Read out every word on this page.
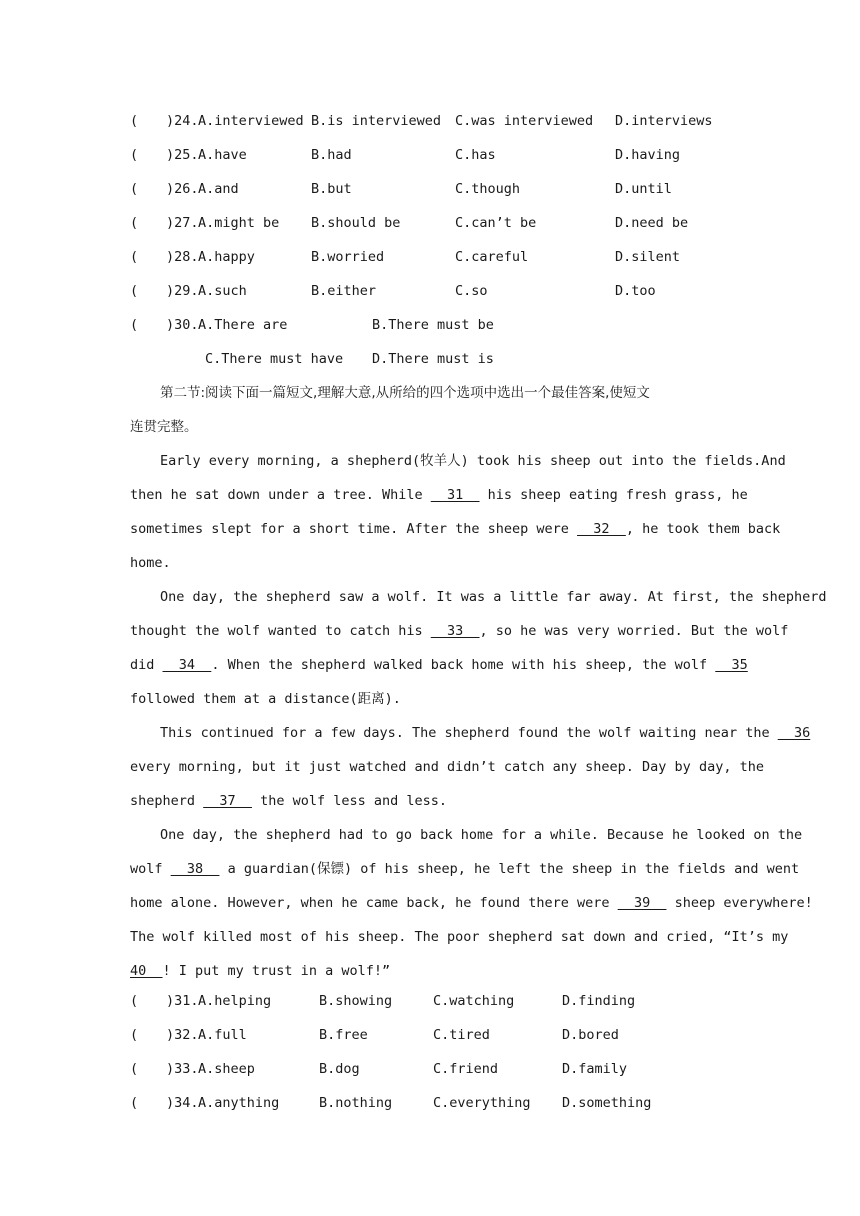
( )24. A.interviewed B.is interviewed C.was interviewed D.interviews
( )25. A.have	B.had	C.has	D.having
( )26. A.and	B.but	C.though	D.until
( )27. A.might be B.should be	C.can’t be	D.need be
( )28. A.happy	B.worried	C.careful	D.silent
( )29. A.such	B.either	C.so	D.too
( )30. A.There are	B.There must be
C.There must have D.There must is
第二节:阅读下面一篇短文,理解大意,从所给的四个选项中选出一个最佳答案,使短文
连贯完整。
Early every morning, a shepherd(牧羊人) took his sheep out into the fields.And
then he sat down under a tree. While   31   his sheep eating fresh grass, he
sometimes slept for a short time. After the sheep were   32  , he took them back
home.
One day, the shepherd saw a wolf. It was a little far away. At first, the shepherd
thought the wolf wanted to catch his   33  , so he was very worried. But the wolf
did   34  . When the shepherd walked back home with his sheep, the wolf   35
followed them at a distance(距离).
This continued for a few days. The shepherd found the wolf waiting near the   36
every morning, but it just watched and didn’t catch any sheep. Day by day, the
shepherd   37   the wolf less and less.
One day, the shepherd had to go back home for a while. Because he looked on the
wolf   38   a guardian(保镖) of his sheep, he left the sheep in the fields and went
home alone. However, when he came back, he found there were   39   sheep everywhere!
The wolf killed most of his sheep. The poor shepherd sat down and cried, “It’s my
40  ! I put my trust in a wolf!”
( )31. A.helping	B.showing	C.watching	D.finding
( )32. A.full	B.free	C.tired	D.bored
( )33. A.sheep	B.dog	C.friend	D.family
( )34. A.anything	B.nothing	C.everything D.something
